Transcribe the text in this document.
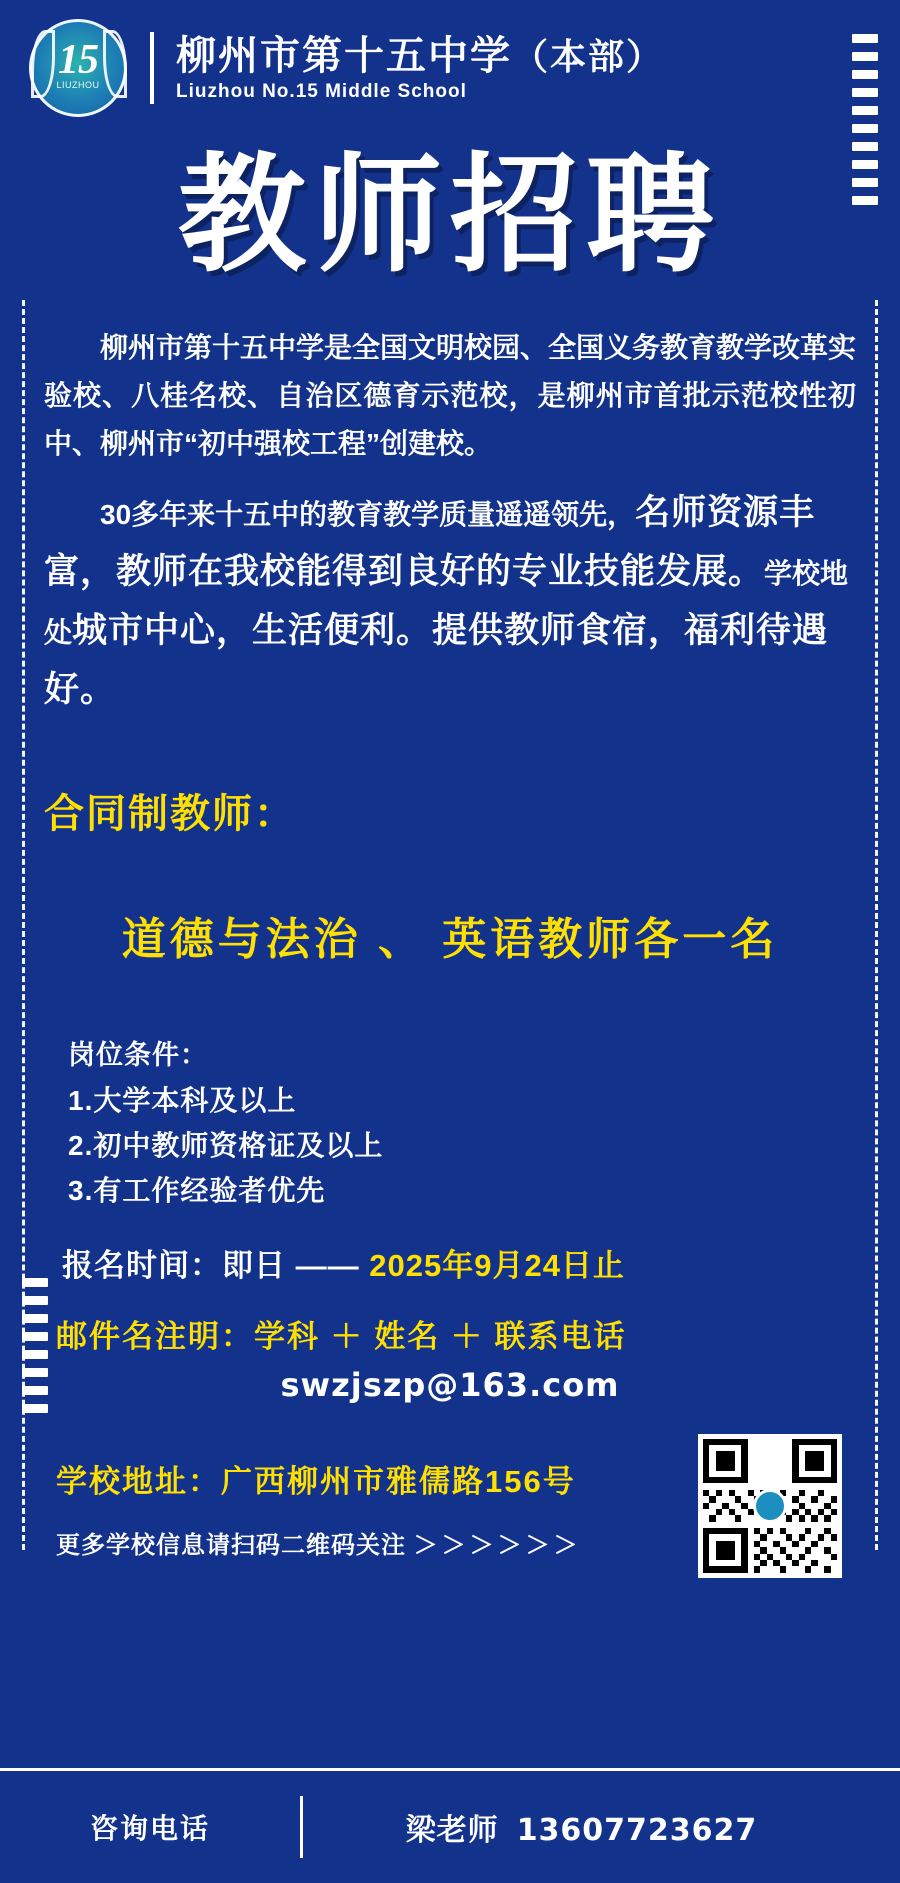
15
LIUZHOU
柳州市第十五中学（本部）
Liuzhou No.15 Middle School
教师招聘
柳州市第十五中学是全国文明校园、全国义务教育教学改革实验校、八桂名校、自治区德育示范校，是柳州市首批示范校性初中、柳州市“初中强校工程”创建校。
30多年来十五中的教育教学质量遥遥领先，名师资源丰富，教师在我校能得到良好的专业技能发展。学校地处城市中心，生活便利。提供教师食宿，福利待遇好。
合同制教师：
道德与法治 、 英语教师各一名
岗位条件：
1.大学本科及以上
2.初中教师资格证及以上
3.有工作经验者优先
报名时间：即日 —— 2025年9月24日止
邮件名注明：学科 ＋ 姓名 ＋ 联系电话
swzjszp@163.com
学校地址：广西柳州市雅儒路156号
更多学校信息请扫码二维码关注 ＞＞＞＞＞＞
咨询电话	梁老师 13607723627
